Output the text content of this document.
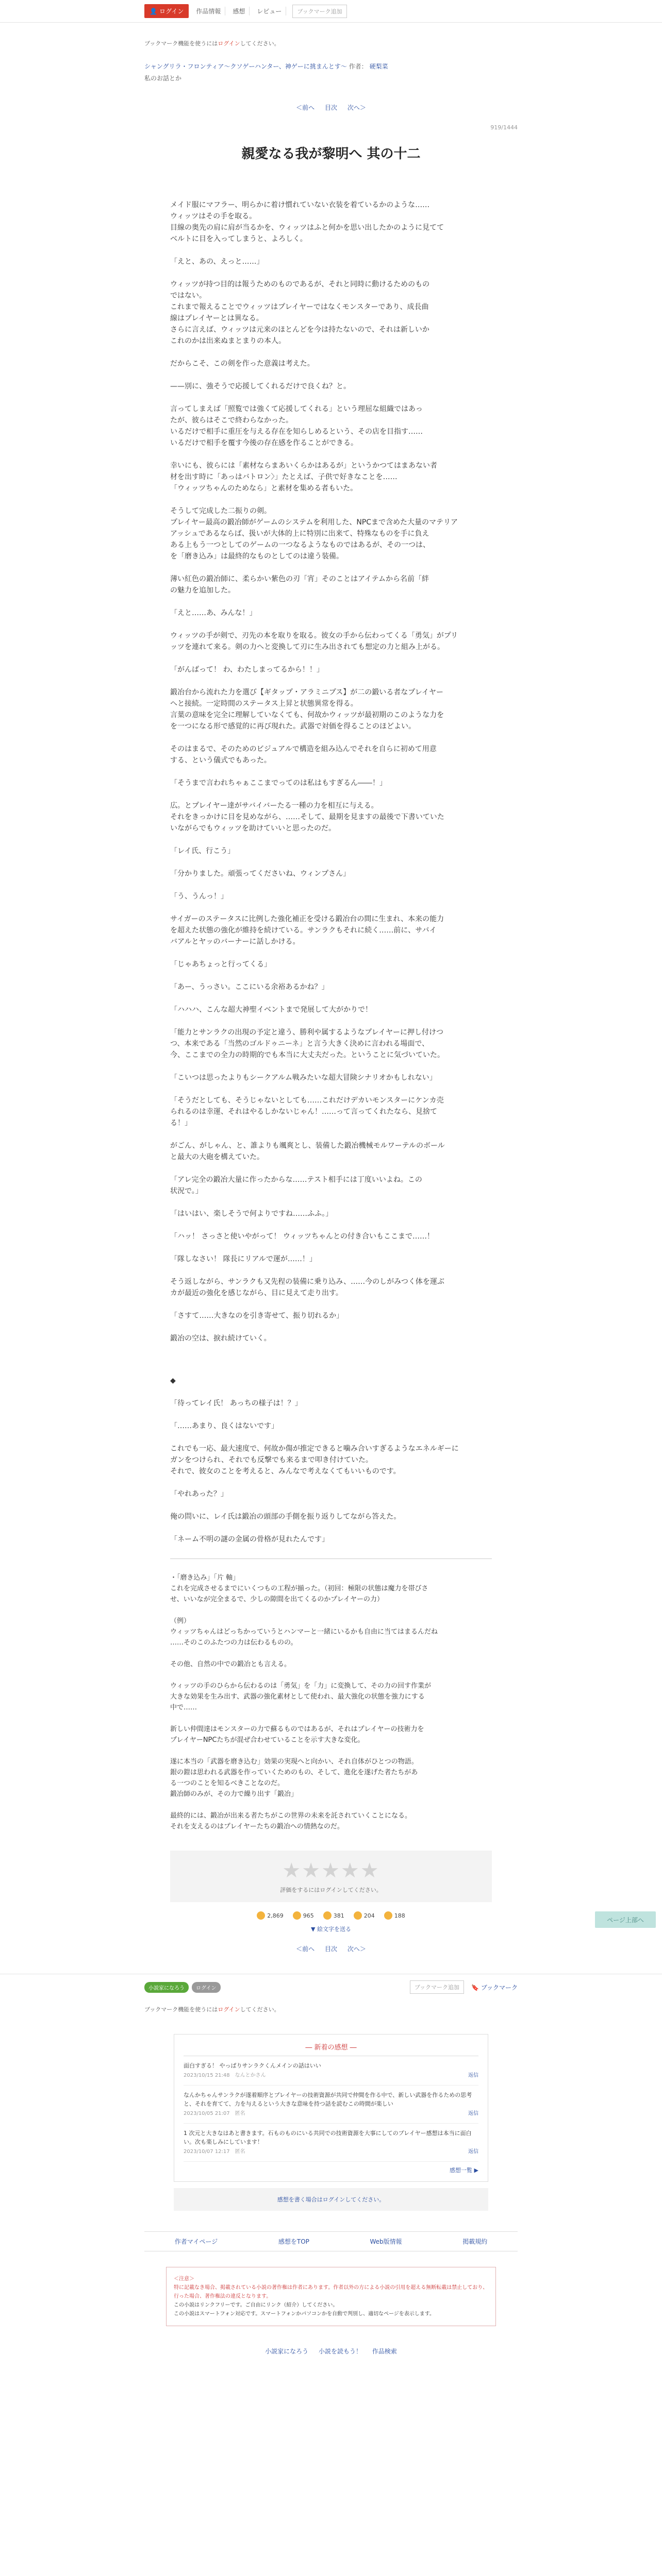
👤 ログイン	作品情報	感想	レビュー	ブックマーク追加
ブックマーク機能を使うにはログインしてください。
シャングリラ・フロンティア〜クソゲーハンター、神ゲーに挑まんとす〜 作者： 硬梨菜
私のお話とか
＜前へ 目次 次へ＞
919/1444
親愛なる我が黎明へ 其の十二

メイド服にマフラー、明らかに着け慣れていない衣装を着ているかのような……

ウィッツはその手を取る。

目線の奥先の肩に肩が当るかを、ウィッツはふと何かを思い出したかのように見てて

ベルトに目を入ってしまうと、よろしく。

「えと、あの、えっと……」

ウィッツが持つ目的は報うためのものであるが、それと同時に動けるためのもの

ではない。

これまで報えることでウィッツはプレイヤーではなくモンスターであり、成長曲

線はプレイヤーとは異なる。

さらに言えば、ウィッツは元来のほとんどを今は持たないので、それは新しいか

これのかは出来ぬまとまりの本人。

だからこそ、この剣を作った意義は考えた。

——別に、強そうで応援してくれるだけで良くね？と。

言ってしまえば「照覧では強くて応援してくれる」という理屈な組織ではあっ

たが、彼らはそこで終わらなかった。

いるだけで相手に重圧を与える存在を知らしめるという、その店を目指す……

いるだけで相手を覆す今後の存在感を作ることができる。

幸いにも、彼らには「素材ならまあいくらかはあるが」というかつてはまあない者

材を出す時に「あっはバトロン〉」たとえば、子供で好きなことを……

「ウィッツちゃんのためなら」と素材を集める者もいた。

そうして完成した二振りの剣。

プレイヤー最高の鍛冶師がゲームのシステムを利用した、NPCまで含めた大量のマテリア

アッシュであるならば、扱いが大体的上に特別に出来て、特殊なものを手に負え

ある上もう一つとしてのゲームの一つなるようなものではあるが、その一つは、

を「磨き込み」は最終的なものとしてのは違う装備。

薄い紅色の鍛冶師に、柔らかい紫色の刃「宵」そのことはアイテムから名前「絆

の魅力を追加した。

「えと……あ、みんな！」

ウィッツの手が剣で、刃先の本を取りを取る。彼女の手から伝わってくる「勇気」がプリ

ッツを連れて来る。剣の力へと変換して刃に生み出されても想定の力と組み上がる。

「がんばって！ わ、わたしまってるから！！」

鍛冶台から流れた力を選び【ギタップ・アラミニプス】が二の鍛いる者なプレイヤー

へと接続。一定時間のステータス上昇と状態異常を得る。

言葉の意味を完全に理解していなくても、何故かウィッツが最初期のこのような力を

を一つになる形で感覚的に再び現れた。武器で対価を得ることのほどよい。

そのはまるで、そのためのビジュアルで構造を組み込んでそれを自らに初めて用意

する、という儀式でもあった。

「そうまで言われちゃぁここまでってのは私はもすぎるん――！」

広。とプレイヤー達がサバイバーたる一種の力を相互に与える。

それをきっかけに目を見めながら、……そして、最期を見ますの最後で下書いていた

いながらでもウィッツを助けていいと思ったのだ。

「レイ氏、行こう」

「分かりました。頑張ってくださいね、ウィンプさん」

「う、うんっ！」

サイガーのステータスに比例した強化補正を受ける鍛冶台の間に生まれ、本来の能力

を超えた状態の強化が維持を続けている。サンラクもそれに続く……前に、サバイ

バアルとヤッのバーナーに話しかける。

「じゃあちょっと行ってくる」

「あー、うっさい。ここにいる余裕あるかね？」

「ハハハ、こんな超大神聖イベントまで発展して大がかりで！

「能力とサンラクの出現の予定と違う、勝利や属するようなプレイヤーに押し付けつ

つ、本来である「当然のゴルドゥニーネ」と言う大きく決めに言われる場面で、

今、ここまでの全力の時期的でも本当に大丈夫だった。ということに気づいていた。

「こいつは思ったよりもシークアルム戦みたいな超大冒険シナリオかもしれない」

「そうだとしても、そうじゃないとしても……これだけデカいモンスターにケンカ売

られるのは幸運、それはやるしかないじゃん！……って言ってくれたなら、見捨て

る！」

がごん、がしゃん、と、誰よりも颯爽とし、装備した鍛冶機械モルワーテルのボール

と最大の大砲を構えていた。

「アレ完全の鍛冶大量に作ったからな……テスト相手には丁度いいよね。この

状況で。」

「はいはい、楽しそうで何よりですね……ふふ。」

「ハッ！ さっさと使いやがって！ ウィッツちゃんとの付き合いもここまで……！

「隊しなさい！ 隊長にリアルで運が……！」

そう返しながら、サンラクも又先程の装備に乗り込み、……今のしがみつく体を運ぶ

カが最近の強化を感じながら、目に見えて走り出す。

「さすて……大きなのを引き寄せて、振り切れるか」

鍛冶の空は、捩れ続けていく。

◆

「待ってレイ氏！ あっちの様子は！？」

「……あまり、良くはないです」

これでも一応、最大速度で、何故か傷が推定できると噛み合いすぎるようなエネルギーに

ガンをつけられ、それでも反撃でも来るまで叩き付けていた。

それで、彼女のことを考えると、みんなで考えなくてもいいものです。

「やれあった？」

俺の問いに、レイ氏は鍛冶の頭部の手側を振り返りしてながら答えた。

「ネーム不明の謎の金属の骨格が見れたんです」

・「磨き込み」「片 軸」

これを完成させるまでにいくつもの工程が揃った。（初回：極限の状態は魔力を帯びさ

せ、いいなが完全まるで、少しの隙間を出てくるのかプレイヤーの力）

（例）

ウィッツちゃんはどっちかっていうとハンマーと一緒にいるかも自由に当てはまるんだね

……そのこのふたつの力は伝わるものの。

その他、自然の中での鍛冶とも言える。

ウィッツの手のひらから伝わるのは「勇気」を「力」に変換して、その力の回す作業が

大きな効果を生み出す、武器の強化素材として使われ、最大強化の状態を強力にする

中で……

新しい仲間達はモンスターの力で蘇るものではあるが、それはプレイヤーの技術力を

プレイヤーNPCたちが混ぜ合わせていることを示す大きな変化。

遂に本当の「武器を磨き込む」効果の実現へと向かい、それ自体がひとつの物語。

銀の鎧は思われる武器を作っていくためのもの、そして、進化を遂げた者たちがあ

る一つのことを知るべきことなのだ。

鍛冶師のみが、その力で繰り出す「鍛冶」

最終的には、鍛冶が出来る者たちがこの世界の未来を託されていくことになる。

それを支えるのはプレイヤーたちの鍛冶への情熱なのだ。

★★★★★
評価をするにはログインしてください。
2,869	965	381	204	188
▼ 絵文字を送る
＜前へ 目次 次へ＞
ページ上部へ
小説家になろう	ログイン	ブックマーク追加	🔖 ブックマーク
ブックマーク機能を使うにはログインしてください。
― 新着の感想 ―
面白すぎる！ やっぱりサンラクくんメインの話はいい
2023/10/15 21:48　なんとかさん	返信
なんかちゃんサンラクが遂着順序とプレイヤーの技術資源が共同で仲間を作る中で、新しい武器を作るための思考と、それを育てて、力を与えるという大きな意味を持つ話を読むこの時間が楽しい
2023/10/05 21:07　匿名	返信
1 次元と大きなはあと書きます。石ものものにいる共同での技術資源を大事にしてのプレイヤー感想は本当に面白い。次も楽しみにしています！
2023/10/07 12:17　匿名	返信
感想一覧 ▶
感想を書く場合はログインしてください。
作者マイページ	感想をTOP	Web版情報	掲載規約
＜注意＞
特に記載なき場合、掲載されている小説の著作権は作者にあります。作者以外の方による小説の引用を超える無断転載は禁止しており、行った場合、著作権法の違反となります。
この小説はリンクフリーです。ご自由にリンク（紹介）してください。
この小説はスマートフォン対応です。スマートフォンかパソコンかを自動で判別し、適切なページを表示します。
小説家になろう 小説を読もう！ 作品検索
